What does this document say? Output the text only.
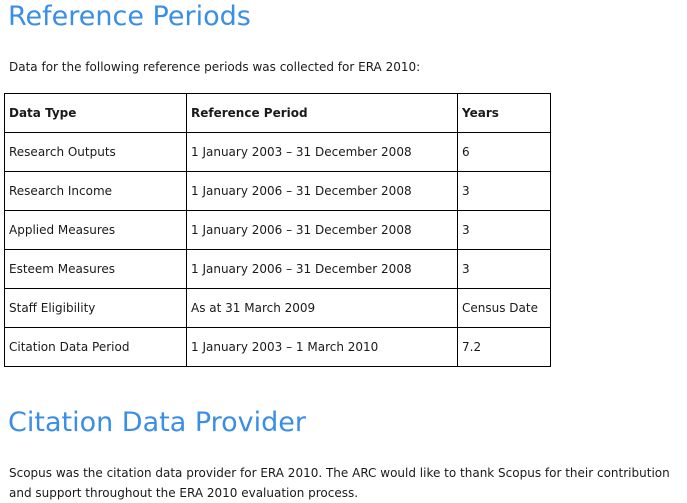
Reference Periods

Data for the following reference periods was collected for ERA 2010:

Data Type	Reference Period	Years
Research Outputs	1 January 2003 – 31 December 2008	6
Research Income	1 January 2006 – 31 December 2008	3
Applied Measures	1 January 2006 – 31 December 2008	3
Esteem Measures	1 January 2006 – 31 December 2008	3
Staff Eligibility	As at 31 March 2009	Census Date
Citation Data Period	1 January 2003 – 1 March 2010	7.2
Citation Data Provider

Scopus was the citation data provider for ERA 2010. The ARC would like to thank Scopus for their contribution and support throughout the ERA 2010 evaluation process.
